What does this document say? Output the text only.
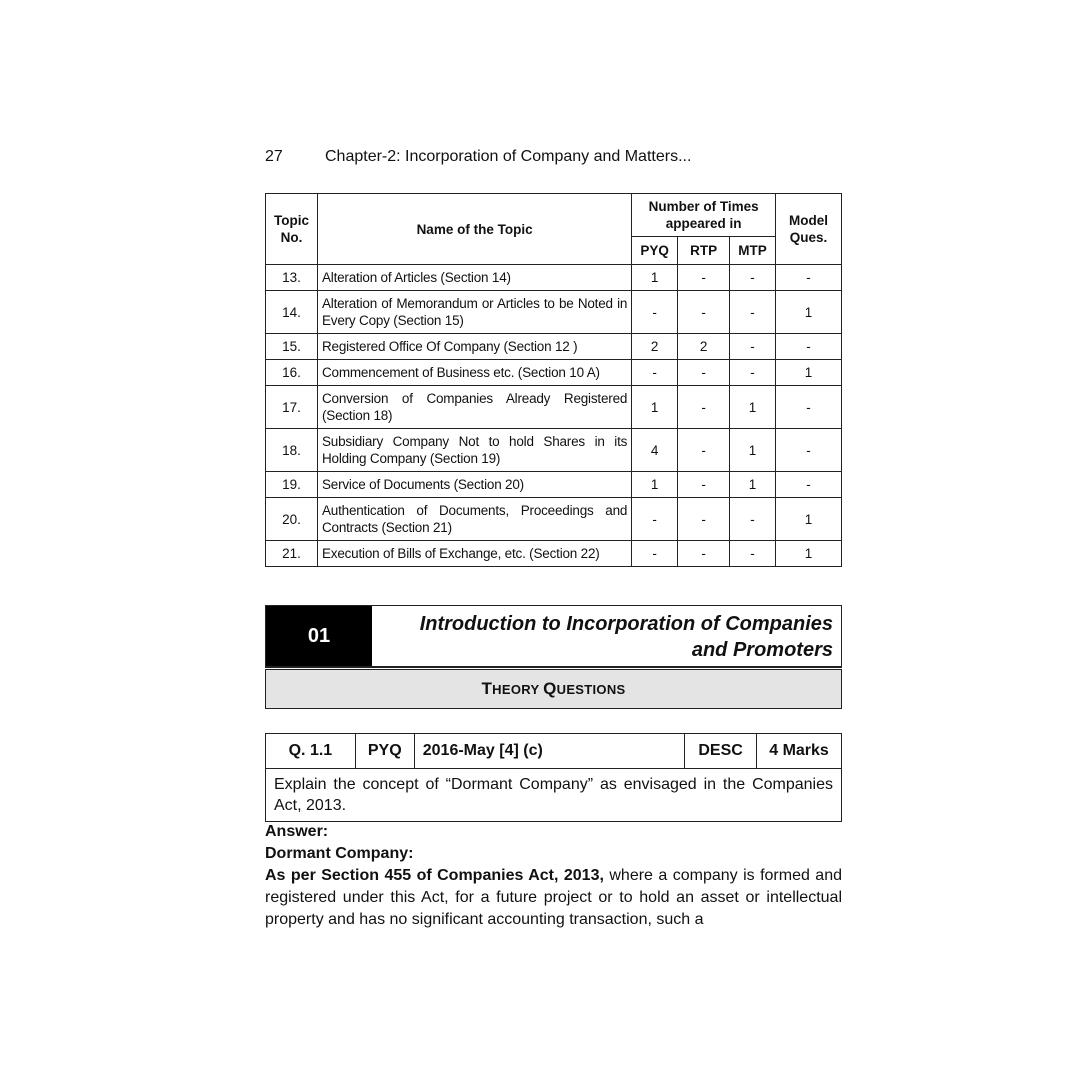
27	Chapter-2: Incorporation of Company and Matters...
Topic No.	Name of the Topic	Number of Times appeared in			Model Ques.
		PYQ	RTP	MTP	
13.	Alteration of Articles (Section 14)	1	-	-	-
14.	Alteration of Memorandum or Articles to be Noted in Every Copy (Section 15)	-	-	-	1
15.	Registered Office Of Company (Section 12 )	2	2	-	-
16.	Commencement of Business etc. (Section 10 A)	-	-	-	1
17.	Conversion of Companies Already Registered (Section 18)	1	-	1	-
18.	Subsidiary Company Not to hold Shares in its Holding Company (Section 19)	4	-	1	-
19.	Service of Documents (Section 20)	1	-	1	-
20.	Authentication of Documents, Proceedings and Contracts (Section 21)	-	-	-	1
21.	Execution of Bills of Exchange, etc. (Section 22)	-	-	-	1
01
Introduction to Incorporation of Companies
and Promoters
T HEORY Q UESTIONS
Q. 1.1	PYQ	2016-May [4] (c)	DESC	4 Marks
Explain the concept of “Dormant Company” as envisaged in the Companies Act, 2013.
Answer:
Dormant Company:

As per Section 455 of Companies Act, 2013, where a company is formed and registered under this Act, for a future project or to hold an asset or intellectual property and has no significant accounting transaction, such a
